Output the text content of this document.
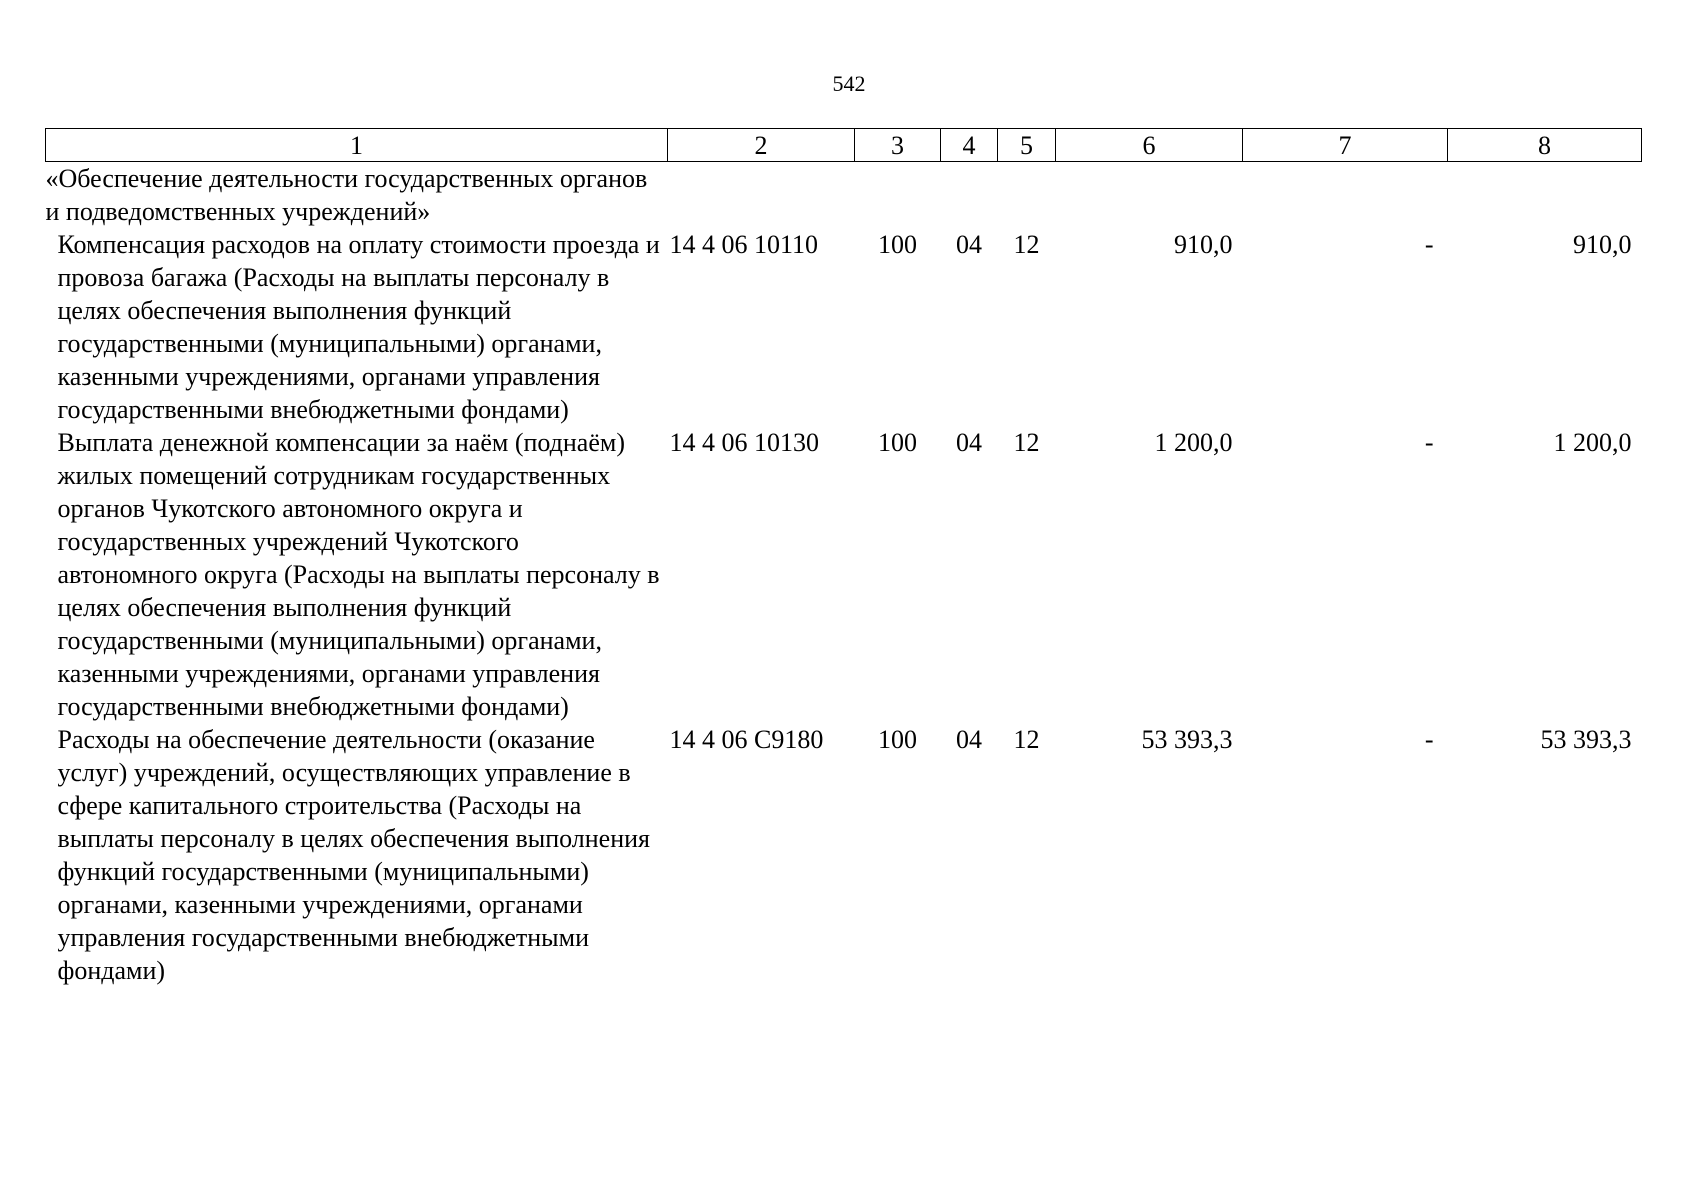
542
1	2	3	4	5	6	7	8
«Обеспечение деятельности государственных органов и подведомственных учреждений»							
Компенсация расходов на оплату стоимости проезда и провоза багажа (Расходы на выплаты персоналу в целях обеспечения выполнения функций государственными (муниципальными) органами, казенными учреждениями, органами управления государственными внебюджетными фондами)	14 4 06 10110	100	04	12	910,0	-	910,0
Выплата денежной компенсации за наём (поднаём) жилых помещений сотрудникам государственных органов Чукотского автономного округа и государственных учреждений Чукотского автономного округа (Расходы на выплаты персоналу в целях обеспечения выполнения функций государственными (муниципальными) органами, казенными учреждениями, органами управления государственными внебюджетными фондами)	14 4 06 10130	100	04	12	1 200,0	-	1 200,0
Расходы на обеспечение деятельности (оказание услуг) учреждений, осуществляющих управление в сфере капитального строительства (Расходы на выплаты персоналу в целях обеспечения выполнения функций государственными (муниципальными) органами, казенными учреждениями, органами управления государственными внебюджетными фондами)	14 4 06 С9180	100	04	12	53 393,3	-	53 393,3
